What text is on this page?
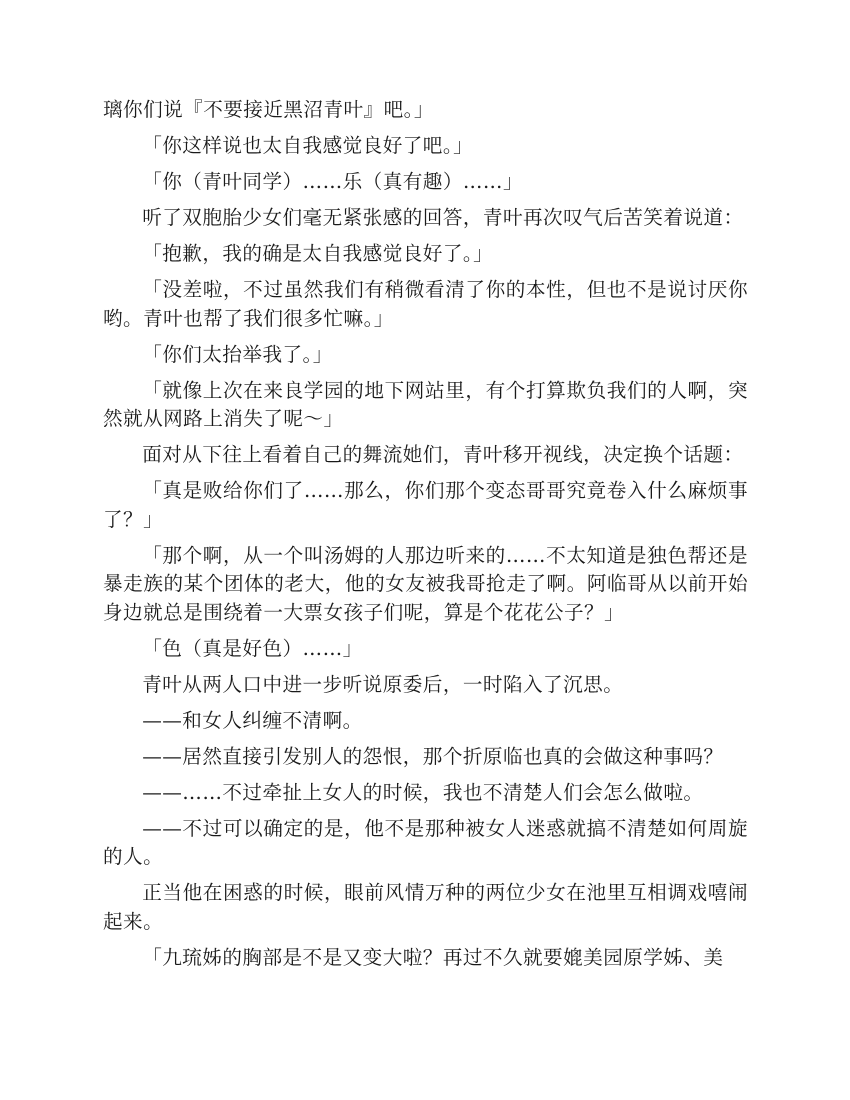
璃你们说『不要接近黑沼青叶』吧。」

「你这样说也太自我感觉良好了吧。」

「你（青叶同学）……乐（真有趣）……」

听了双胞胎少女们毫无紧张感的回答，青叶再次叹气后苦笑着说道：

「抱歉，我的确是太自我感觉良好了。」

「没差啦，不过虽然我们有稍微看清了你的本性，但也不是说讨厌你哟。青叶也帮了我们很多忙嘛。」

「你们太抬举我了。」

「就像上次在来良学园的地下网站里，有个打算欺负我们的人啊，突然就从网路上消失了呢～」

面对从下往上看着自己的舞流她们，青叶移开视线，决定换个话题：

「真是败给你们了……那么，你们那个变态哥哥究竟卷入什么麻烦事了？」

「那个啊，从一个叫汤姆的人那边听来的……不太知道是独色帮还是暴走族的某个团体的老大，他的女友被我哥抢走了啊。阿临哥从以前开始身边就总是围绕着一大票女孩子们呢，算是个花花公子？」

「色（真是好色）……」

青叶从两人口中进一步听说原委后，一时陷入了沉思。

——和女人纠缠不清啊。

——居然直接引发别人的怨恨，那个折原临也真的会做这种事吗？

——……不过牵扯上女人的时候，我也不清楚人们会怎么做啦。

——不过可以确定的是，他不是那种被女人迷惑就搞不清楚如何周旋的人。

正当他在困惑的时候，眼前风情万种的两位少女在池里互相调戏嘻闹起来。

「九琉姊的胸部是不是又变大啦？再过不久就要媲美园原学姊、美
